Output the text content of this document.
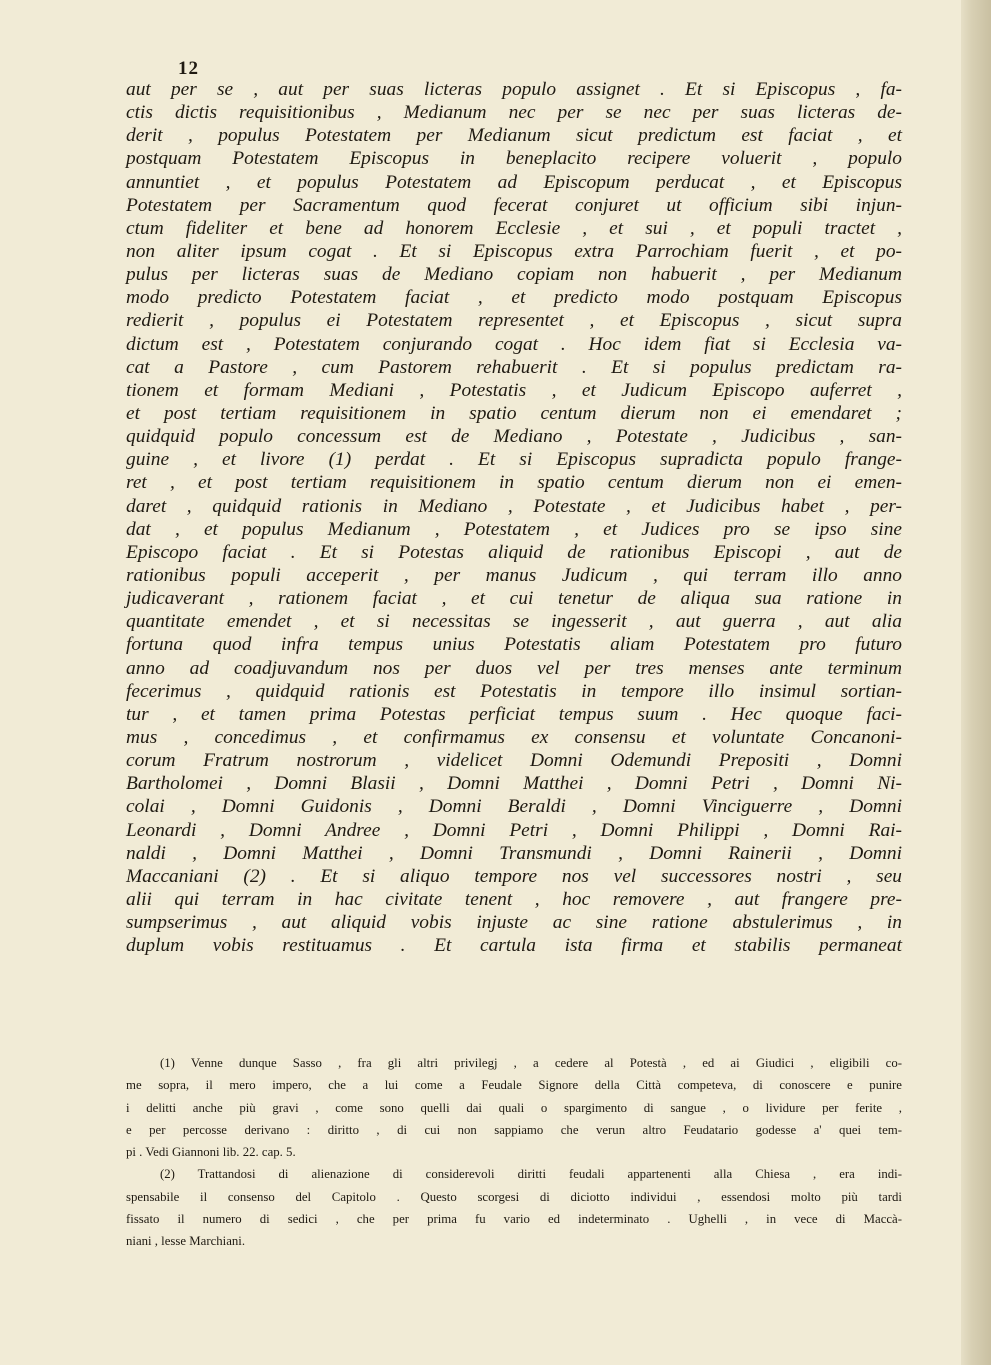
12
aut per se , aut per suas licteras populo assignet . Et si Episcopus , fa-
ctis dictis requisitionibus , Medianum nec per se nec per suas licteras de-
derit , populus Potestatem per Medianum sicut predictum est faciat , et
postquam Potestatem Episcopus in beneplacito recipere voluerit , populo
annuntiet , et populus Potestatem ad Episcopum perducat , et Episcopus
Potestatem per Sacramentum quod fecerat conjuret ut officium sibi injun-
ctum fideliter et bene ad honorem Ecclesie , et sui , et populi tractet ,
non aliter ipsum cogat . Et si Episcopus extra Parrochiam fuerit , et po-
pulus per licteras suas de Mediano copiam non habuerit , per Medianum
modo predicto Potestatem faciat , et predicto modo postquam Episcopus
redierit , populus ei Potestatem representet , et Episcopus , sicut supra
dictum est , Potestatem conjurando cogat . Hoc idem fiat si Ecclesia va-
cat a Pastore , cum Pastorem rehabuerit . Et si populus predictam ra-
tionem et formam Mediani , Potestatis , et Judicum Episcopo auferret ,
et post tertiam requisitionem in spatio centum dierum non ei emendaret ;
quidquid populo concessum est de Mediano , Potestate , Judicibus , san-
guine , et livore (1) perdat . Et si Episcopus supradicta populo frange-
ret , et post tertiam requisitionem in spatio centum dierum non ei emen-
daret , quidquid rationis in Mediano , Potestate , et Judicibus habet , per-
dat , et populus Medianum , Potestatem , et Judices pro se ipso sine
Episcopo faciat . Et si Potestas aliquid de rationibus Episcopi , aut de
rationibus populi acceperit , per manus Judicum , qui terram illo anno
judicaverant , rationem faciat , et cui tenetur de aliqua sua ratione in
quantitate emendet , et si necessitas se ingesserit , aut guerra , aut alia
fortuna quod infra tempus unius Potestatis aliam Potestatem pro futuro
anno ad coadjuvandum nos per duos vel per tres menses ante terminum
fecerimus , quidquid rationis est Potestatis in tempore illo insimul sortian-
tur , et tamen prima Potestas perficiat tempus suum . Hec quoque faci-
mus , concedimus , et confirmamus ex consensu et voluntate Concanoni-
corum Fratrum nostrorum , videlicet Domni Odemundi Prepositi , Domni
Bartholomei , Domni Blasii , Domni Matthei , Domni Petri , Domni Ni-
colai , Domni Guidonis , Domni Beraldi , Domni Vinciguerre , Domni
Leonardi , Domni Andree , Domni Petri , Domni Philippi , Domni Rai-
naldi , Domni Matthei , Domni Transmundi , Domni Rainerii , Domni
Maccaniani (2) . Et si aliquo tempore nos vel successores nostri , seu
alii qui terram in hac civitate tenent , hoc removere , aut frangere pre-
sumpserimus , aut aliquid vobis injuste ac sine ratione abstulerimus , in
duplum vobis restituamus . Et cartula ista firma et stabilis permaneat
(1) Venne dunque Sasso , fra gli altri privilegj , a cedere al Potestà , ed ai Giudici , eligibili co-
me sopra, il mero impero, che a lui come a Feudale Signore della Città competeva, di conoscere e punire
i delitti anche più gravi , come sono quelli dai quali o spargimento di sangue , o lividure per ferite ,
e per percosse derivano : diritto , di cui non sappiamo che verun altro Feudatario godesse a' quei tem-
pi . Vedi Giannoni lib. 22. cap. 5.
(2) Trattandosi di alienazione di considerevoli diritti feudali appartenenti alla Chiesa , era indi-
spensabile il consenso del Capitolo . Questo scorgesi di diciotto individui , essendosi molto più tardi
fissato il numero di sedici , che per prima fu vario ed indeterminato . Ughelli , in vece di Maccà-
niani , lesse Marchiani.
